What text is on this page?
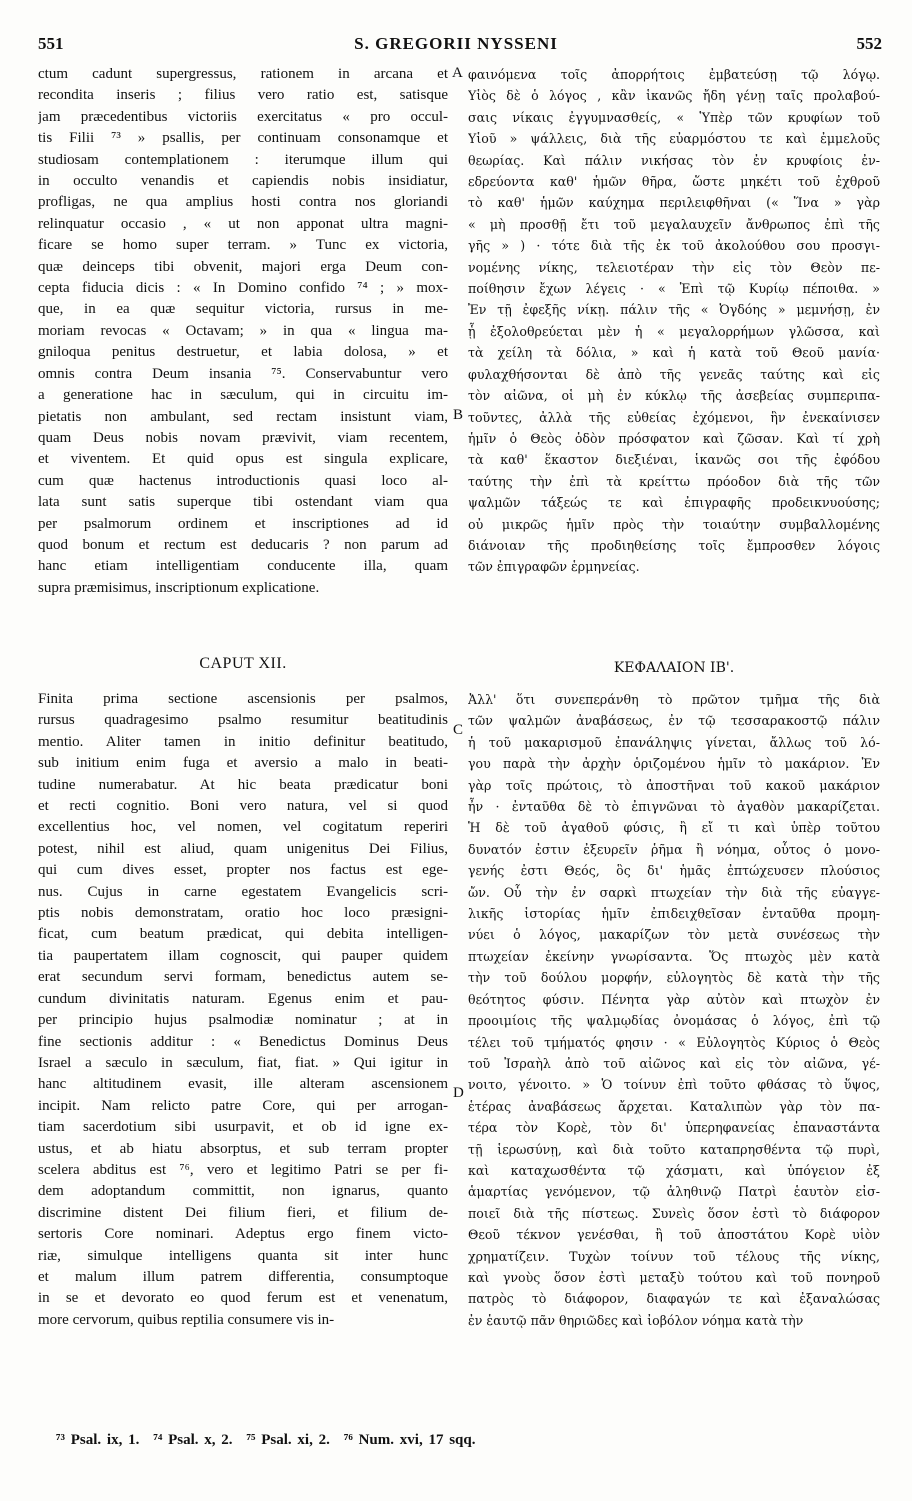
551	S. GREGORII NYSSENI	552
ctum cadunt supergressus, rationem in arcana et
recondita inseris ; filius vero ratio est, satisque
jam præcedentibus victoriis exercitatus « pro occul-
tis Filii ⁷³ » psallis, per continuam consonamque et
studiosam contemplationem : iterumque illum qui
in occulto venandis et capiendis nobis insidiatur,
profligas, ne qua amplius hosti contra nos gloriandi
relinquatur occasio , « ut non apponat ultra magni-
ficare se homo super terram. » Tunc ex victoria,
quæ deinceps tibi obvenit, majori erga Deum con-
cepta fiducia dicis : « In Domino confido ⁷⁴ ; » mox-
que, in ea quæ sequitur victoria, rursus in me-
moriam revocas « Octavam; » in qua « lingua ma-
gniloqua penitus destruetur, et labia dolosa, » et
omnis contra Deum insania ⁷⁵. Conservabuntur vero
a generatione hac in sæculum, qui in circuitu im-
pietatis non ambulant, sed rectam insistunt viam,
quam Deus nobis novam prævivit, viam recentem,
et viventem. Et quid opus est singula explicare,
cum quæ hactenus introductionis quasi loco al-
lata sunt satis superque tibi ostendant viam qua
per psalmorum ordinem et inscriptiones ad id
quod bonum et rectum est deducaris ? non parum ad
hanc etiam intelligentiam conducente illa, quam
supra præmisimus, inscriptionum explicatione.
φαινόμενα τοῖς ἀπορρήτοις ἐμβατεύσῃ τῷ λόγῳ.
Υἱὸς δὲ ὁ λόγος , κἂν ἱκανῶς ἤδη γένῃ ταῖς προλαβού-
σαις νίκαις ἐγγυμνασθείς, « Ὑπὲρ τῶν κρυφίων τοῦ
Υἱοῦ » ψάλλεις, διὰ τῆς εὐαρμόστου τε καὶ ἐμμελοῦς
θεωρίας. Καὶ πάλιν νικήσας τὸν ἐν κρυφίοις ἐν-
εδρεύοντα καθ' ἡμῶν θῆρα, ὥστε μηκέτι τοῦ ἐχθροῦ
τὸ καθ' ἡμῶν καύχημα περιλειφθῆναι (« Ἵνα » γὰρ
« μὴ προσθῇ ἔτι τοῦ μεγαλαυχεῖν ἄνθρωπος ἐπὶ τῆς
γῆς » ) · τότε διὰ τῆς ἐκ τοῦ ἀκολούθου σου προσγι-
νομένης νίκης, τελειοτέραν τὴν εἰς τὸν Θεὸν πε-
ποίθησιν ἔχων λέγεις · « Ἐπὶ τῷ Κυρίῳ πέποιθα. »
Ἐν τῇ ἐφεξῆς νίκῃ. πάλιν τῆς « Ὀγδόης » μεμνήσῃ, ἐν
ᾗ ἐξολοθρεύεται μὲν ἡ « μεγαλορρήμων γλῶσσα, καὶ
τὰ χείλη τὰ δόλια, » καὶ ἡ κατὰ τοῦ Θεοῦ μανία·
φυλαχθήσονται δὲ ἀπὸ τῆς γενεᾶς ταύτης καὶ εἰς
τὸν αἰῶνα, οἱ μὴ ἐν κύκλῳ τῆς ἀσεβείας συμπεριπα-
τοῦντες, ἀλλὰ τῆς εὐθείας ἐχόμενοι, ἣν ἐνεκαίνισεν
ἡμῖν ὁ Θεὸς ὁδὸν πρόσφατον καὶ ζῶσαν. Καὶ τί χρὴ
τὰ καθ' ἕκαστον διεξιέναι, ἱκανῶς σοι τῆς ἐφόδου
ταύτης τὴν ἐπὶ τὰ κρείττω πρόοδον διὰ τῆς τῶν
ψαλμῶν τάξεώς τε καὶ ἐπιγραφῆς προδεικνυούσης;
οὐ μικρῶς ἡμῖν πρὸς τὴν τοιαύτην συμβαλλομένης
διάνοιαν τῆς προδιηθείσης τοῖς ἔμπροσθεν λόγοις
τῶν ἐπιγραφῶν ἑρμηνείας.
CAPUT XII.	ΚΕΦΑΛΑΙΟΝ ΙΒ'.
Finita prima sectione ascensionis per psalmos,
rursus quadragesimo psalmo resumitur beatitudinis
mentio. Aliter tamen in initio definitur beatitudo,
sub initium enim fuga et aversio a malo in beati-
tudine numerabatur. At hic beata prædicatur boni
et recti cognitio. Boni vero natura, vel si quod
excellentius hoc, vel nomen, vel cogitatum reperiri
potest, nihil est aliud, quam unigenitus Dei Filius,
qui cum dives esset, propter nos factus est ege-
nus. Cujus in carne egestatem Evangelicis scri-
ptis nobis demonstratam, oratio hoc loco præsigni-
ficat, cum beatum prædicat, qui debita intelligen-
tia paupertatem illam cognoscit, qui pauper quidem
erat secundum servi formam, benedictus autem se-
cundum divinitatis naturam. Egenus enim et pau-
per principio hujus psalmodiæ nominatur ; at in
fine sectionis additur : « Benedictus Dominus Deus
Israel a sæculo in sæculum, fiat, fiat. » Qui igitur in
hanc altitudinem evasit, ille alteram ascensionem
incipit. Nam relicto patre Core, qui per arrogan-
tiam sacerdotium sibi usurpavit, et ob id igne ex-
ustus, et ab hiatu absorptus, et sub terram propter
scelera abditus est ⁷⁶, vero et legitimo Patri se per fi-
dem adoptandum committit, non ignarus, quanto
discrimine distent Dei filium fieri, et filium de-
sertoris Core nominari. Adeptus ergo finem victo-
riæ, simulque intelligens quanta sit inter hunc
et malum illum patrem differentia, consumptoque
in se et devorato eo quod ferum est et venenatum,
more cervorum, quibus reptilia consumere vis in-
Ἀλλ' ὅτι συνεπεράνθη τὸ πρῶτον τμῆμα τῆς διὰ
τῶν ψαλμῶν ἀναβάσεως, ἐν τῷ τεσσαρακοστῷ πάλιν
ἡ τοῦ μακαρισμοῦ ἐπανάληψις γίνεται, ἄλλως τοῦ λό-
γου παρὰ τὴν ἀρχὴν ὁριζομένου ἡμῖν τὸ μακάριον. Ἐν
γὰρ τοῖς πρώτοις, τὸ ἀποστῆναι τοῦ κακοῦ μακάριον
ἦν · ἐνταῦθα δὲ τὸ ἐπιγνῶναι τὸ ἀγαθὸν μακαρίζεται.
Ἡ δὲ τοῦ ἀγαθοῦ φύσις, ἢ εἴ τι καὶ ὑπὲρ τοῦτου
δυνατόν ἐστιν ἐξευρεῖν ῥῆμα ἢ νόημα, οὗτος ὁ μονο-
γενής ἐστι Θεός, ὃς δι' ἡμᾶς ἐπτώχευσεν πλούσιος
ὤν. Οὗ τὴν ἐν σαρκὶ πτωχείαν τὴν διὰ τῆς εὐαγγε-
λικῆς ἱστορίας ἡμῖν ἐπιδειχθεῖσαν ἐνταῦθα προμη-
νύει ὁ λόγος, μακαρίζων τὸν μετὰ συνέσεως τὴν
πτωχείαν ἐκείνην γνωρίσαντα. Ὅς πτωχὸς μὲν κατὰ
τὴν τοῦ δούλου μορφήν, εὐλογητὸς δὲ κατὰ τὴν τῆς
θεότητος φύσιν. Πένητα γὰρ αὐτὸν καὶ πτωχὸν ἐν
προοιμίοις τῆς ψαλμῳδίας ὀνομάσας ὁ λόγος, ἐπὶ τῷ
τέλει τοῦ τμήματός φησιν · « Εὐλογητὸς Κύριος ὁ Θεὸς
τοῦ Ἰσραὴλ ἀπὸ τοῦ αἰῶνος καὶ εἰς τὸν αἰῶνα, γέ-
νοιτο, γένοιτο. » Ὁ τοίνυν ἐπὶ τοῦτο φθάσας τὸ ὕψος,
ἑτέρας ἀναβάσεως ἄρχεται. Καταλιπὼν γὰρ τὸν πα-
τέρα τὸν Κορὲ, τὸν δι' ὑπερηφανείας ἐπαναστάντα
τῇ ἱερωσύνῃ, καὶ διὰ τοῦτο καταπρησθέντα τῷ πυρὶ,
καὶ καταχωσθέντα τῷ χάσματι, καὶ ὑπόγειον ἐξ
ἁμαρτίας γενόμενον, τῷ ἀληθινῷ Πατρὶ ἑαυτὸν εἰσ-
ποιεῖ διὰ τῆς πίστεως. Συνεὶς ὅσον ἐστὶ τὸ διάφορον
Θεοῦ τέκνον γενέσθαι, ἢ τοῦ ἀποστάτου Κορὲ υἱὸν
χρηματίζειν. Τυχὼν τοίνυν τοῦ τέλους τῆς νίκης,
καὶ γνοὺς ὅσον ἐστὶ μεταξὺ τούτου καὶ τοῦ πονηροῦ
πατρὸς τὸ διάφορον, διαφαγών τε καὶ ἐξαναλώσας
ἐν ἑαυτῷ πᾶν θηριῶδες καὶ ἰοβόλον νόημα κατὰ τὴν
A
B
C
D
⁷³ Psal. ix, 1. ⁷⁴ Psal. x, 2. ⁷⁵ Psal. xi, 2. ⁷⁶ Num. xvi, 17 sqq.
